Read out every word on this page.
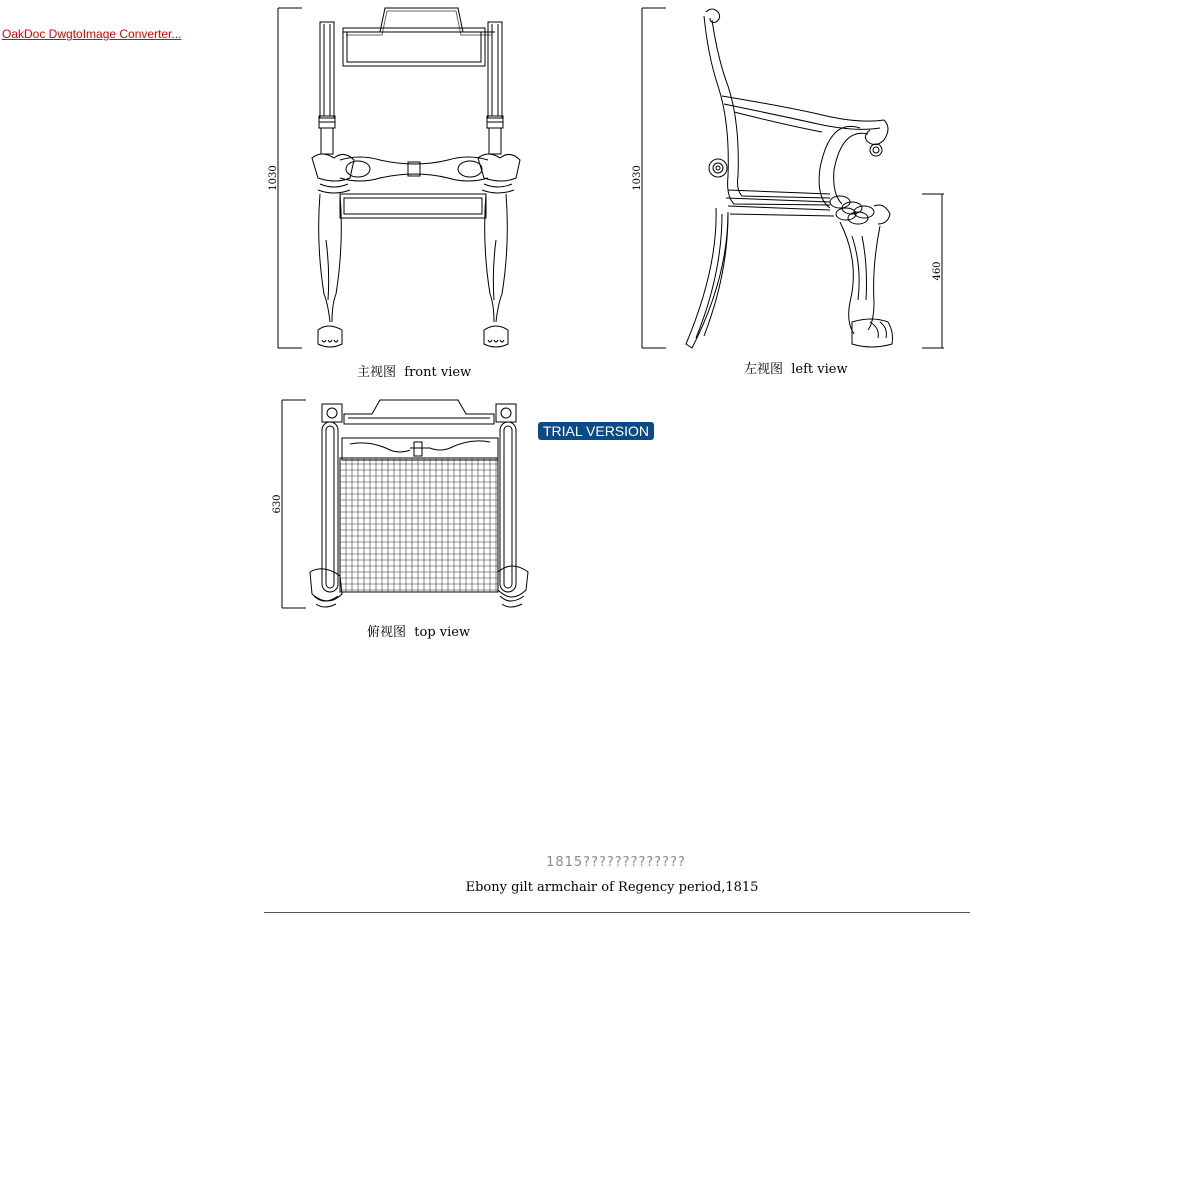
OakDoc DwgtoImage Converter...
1030	1030
460
630
主视图  front view	左视图  left view
俯视图  top view
TRIAL VERSION
1815?????????????
Ebony gilt armchair of Regency period,1815
